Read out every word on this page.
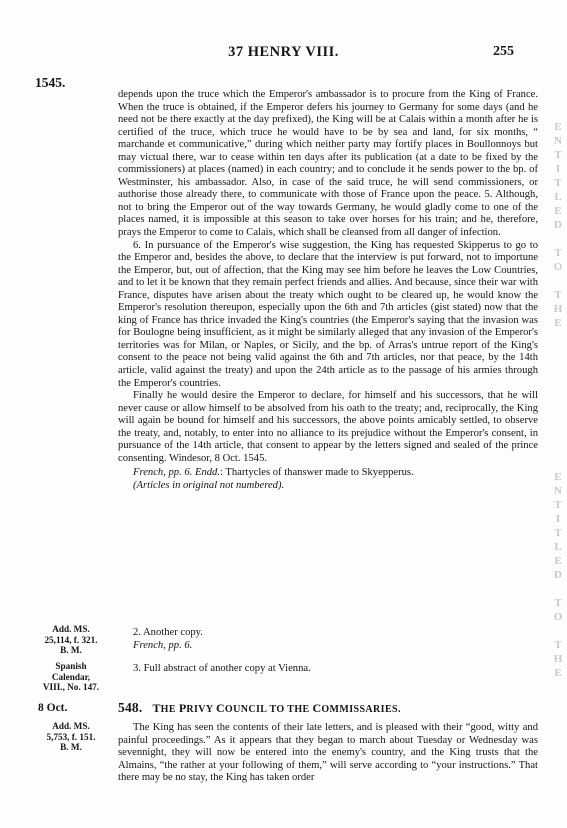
37 HENRY VIII.	255
1545.

depends upon the truce which the Emperor's ambassador is to procure from the King of France. When the truce is obtained, if the Emperor defers his journey to Germany for some days (and he need not be there exactly at the day prefixed), the King will be at Calais within a month after he is certified of the truce, which truce he would have to be by sea and land, for six months, “ marchande et communicative,” during which neither party may fortify places in Boullonnoys but may victual there, war to cease within ten days after its publication (at a date to be fixed by the commissioners) at places (named) in each country; and to conclude it he sends power to the bp. of Westminster, his ambassador. Also, in case of the said truce, he will send commissioners, or authorise those already there, to communicate with those of France upon the peace. 5. Although, not to bring the Emperor out of the way towards Germany, he would gladly come to one of the places named, it is impossible at this season to take over horses for his train; and he, therefore, prays the Emperor to come to Calais, which shall be cleansed from all danger of infection.

6. In pursuance of the Emperor's wise suggestion, the King has requested Skipperus to go to the Emperor and, besides the above, to declare that the interview is put forward, not to importune the Emperor, but, out of affection, that the King may see him before he leaves the Low Countries, and to let it be known that they remain perfect friends and allies. And because, since their war with France, disputes have arisen about the treaty which ought to be cleared up, he would know the Emperor's resolution thereupon, especially upon the 6th and 7th articles (gist stated) now that the king of France has thrice invaded the King's countries (the Emperor's saying that the invasion was for Boulogne being insufficient, as it might be similarly alleged that any invasion of the Emperor's territories was for Milan, or Naples, or Sicily, and the bp. of Arras's untrue report of the King's consent to the peace not being valid against the 6th and 7th articles, nor that peace, by the 14th article, valid against the treaty) and upon the 24th article as to the passage of his armies through the Emperor's countries.

Finally he would desire the Emperor to declare, for himself and his successors, that he will never cause or allow himself to be absolved from his oath to the treaty; and, reciprocally, the King will again be bound for himself and his successors, the above points amicably settled, to observe the treaty, and, notably, to enter into no alliance to its prejudice without the Emperor's consent, in pursuance of the 14th article, that consent to appear by the letters signed and sealed of the prince consenting. Windesor, 8 Oct. 1545.

French, pp. 6. Endd.: Thartycles of thanswer made to Skyepperus.

(Articles in original not numbered).

Add. MS.
25,114, f. 321.
B. M.
Spanish
Calendar,
VIII., No. 147.
8 Oct.
Add. MS.
5,753, f. 151.
B. M.
2. Another copy.
French, pp. 6.
3. Full abstract of another copy at Vienna.
548. THE PRIVY COUNCIL TO THE COMMISSARIES.

The King has seen the contents of their late letters, and is pleased with their “good, witty and painful proceedings.” As it appears that they began to march about Tuesday or Wednesday was sevennight, they will now be entered into the enemy's country, and the King trusts that the Almains, “the rather at your following of them,” will serve according to “your instructions.” That there may be no stay, the King has taken order

E
N
T
I
T
L
E
D

T
O

T
H
E
E
N
T
I
T
L
E
D

T
O

T
H
E
